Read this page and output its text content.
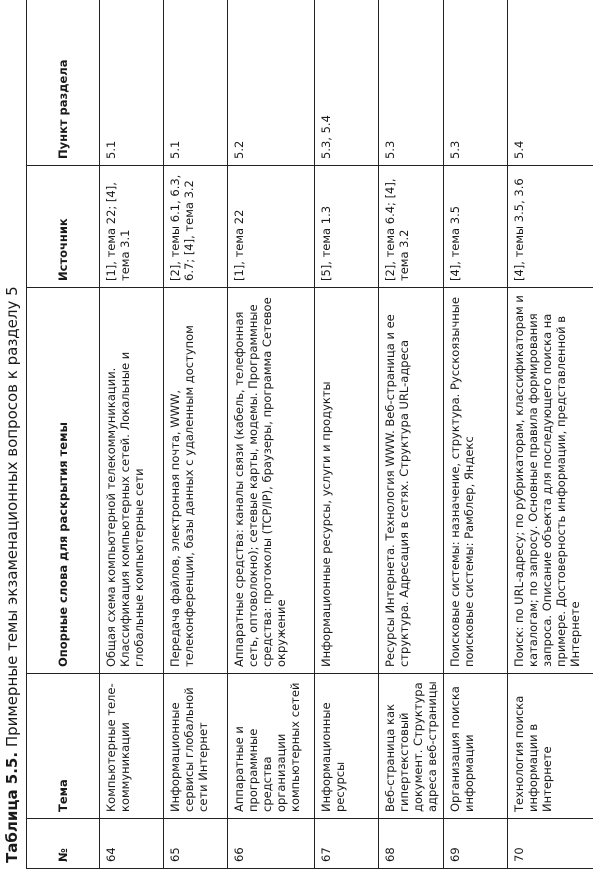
Таблица 5.5. Примерные темы экзаменационных вопросов к разделу 5
№	Тема	Опорные слова для раскрытия темы	Источник	Пункт раздела
64	Компьютерные теле-коммуникации	Общая схема компьютерной телекоммуникации. Классификация компьютерных сетей. Локальные и глобальные компьютерные сети	[1], тема 22; [4], тема 3.1	5.1
65	Информационные сервисы глобальной сети Интернет	Передача файлов, электронная почта, WWW, телеконференции, базы данных с удаленным доступом	[2], темы 6.1, 6.3, 6.7; [4], тема 3.2	5.1
66	Аппаратные и программные средства организации компьютерных сетей	Аппаратные средства: каналы связи (кабель, телефонная сеть, оптоволокно); сетевые карты, модемы. Программные средства: протоколы (TCP/IP), браузеры, программа Сетевое окружение	[1], тема 22	5.2
67	Информационные ресурсы	Информационные ресурсы, услуги и продукты	[5], тема 1.3	5.3, 5.4
68	Веб-страница как гипертекстовый документ. Структура адреса веб-страницы	Ресурсы Интернета. Технология WWW. Веб-страница и ее структура. Адресация в сетях. Структура URL-адреса	[2], тема 6.4; [4], тема 3.2	5.3
69	Организация поиска информации	Поисковые системы: назначение, структура. Русскоязычные поисковые системы: Рамблер, Яндекс	[4], тема 3.5	5.3
70	Технология поиска информации в Интернете	Поиск: по URL-адресу; по рубрикаторам, классификаторам и каталогам; по запросу. Основные правила формирования запроса. Описание объекта для последующего поиска на примере. Достоверность информации, представленной в Интернете	[4], темы 3.5, 3.6	5.4
